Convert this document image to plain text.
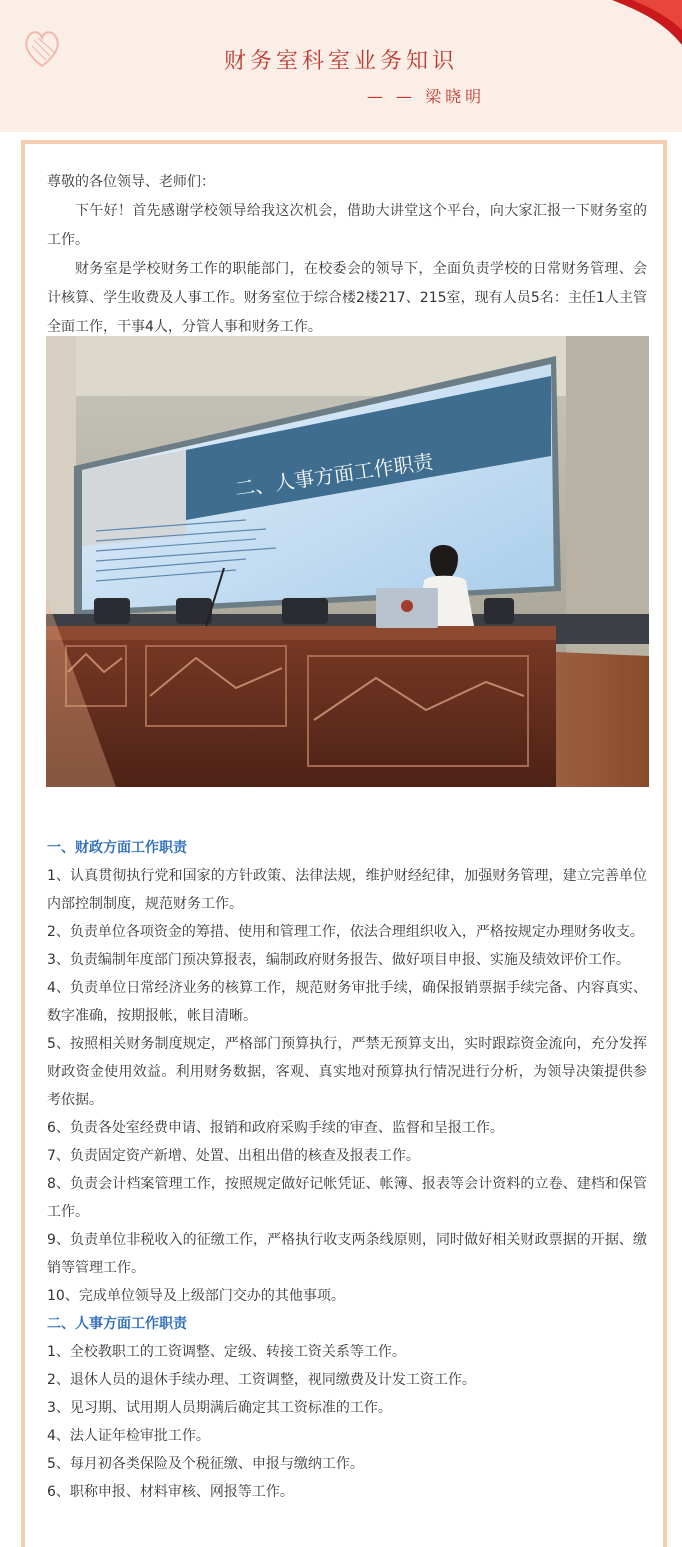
财务室科室业务知识
— — 梁晓明

尊敬的各位领导、老师们：

下午好！首先感谢学校领导给我这次机会，借助大讲堂这个平台，向大家汇报一下财务室的工作。

财务室是学校财务工作的职能部门，在校委会的领导下，全面负责学校的日常财务管理、会计核算、学生收费及人事工作。财务室位于综合楼2楼217、215室，现有人员5名：主任1人主管全面工作，干事4人，分管人事和财务工作。

二、人事方面工作职责

一、财政方面工作职责

1、认真贯彻执行党和国家的方针政策、法律法规，维护财经纪律，加强财务管理，建立完善单位内部控制制度，规范财务工作。

2、负责单位各项资金的筹措、使用和管理工作，依法合理组织收入，严格按规定办理财务收支。

3、负责编制年度部门预决算报表，编制政府财务报告、做好项目申报、实施及绩效评价工作。

4、负责单位日常经济业务的核算工作，规范财务审批手续，确保报销票据手续完备、内容真实、数字准确，按期报帐，帐目清晰。

5、按照相关财务制度规定，严格部门预算执行，严禁无预算支出，实时跟踪资金流向，充分发挥财政资金使用效益。利用财务数据，客观、真实地对预算执行情况进行分析，为领导决策提供参考依据。

6、负责各处室经费申请、报销和政府采购手续的审查、监督和呈报工作。

7、负责固定资产新增、处置、出租出借的核查及报表工作。

8、负责会计档案管理工作，按照规定做好记帐凭证、帐簿、报表等会计资料的立卷、建档和保管工作。

9、负责单位非税收入的征缴工作，严格执行收支两条线原则，同时做好相关财政票据的开据、缴销等管理工作。

10、完成单位领导及上级部门交办的其他事项。

二、人事方面工作职责

1、全校教职工的工资调整、定级、转接工资关系等工作。

2、退休人员的退休手续办理、工资调整，视同缴费及计发工资工作。

3、见习期、试用期人员期满后确定其工资标准的工作。

4、法人证年检审批工作。

5、每月初各类保险及个税征缴、申报与缴纳工作。

6、职称申报、材料审核、网报等工作。
